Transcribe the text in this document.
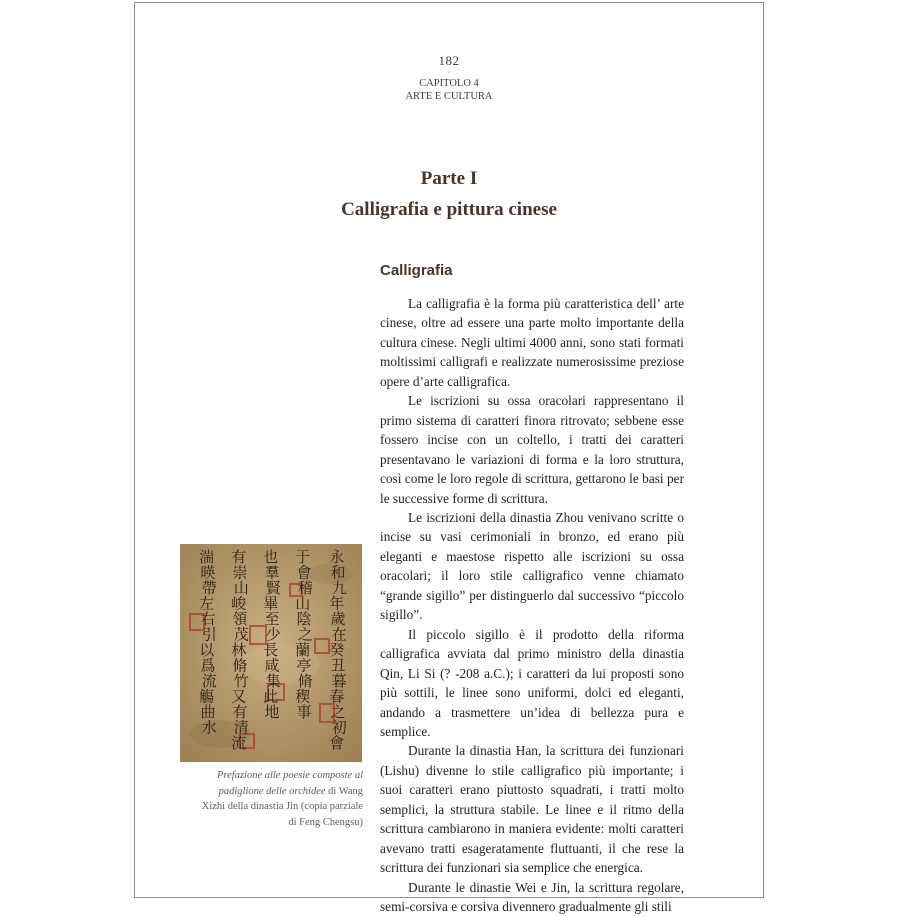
182
·
CAPITOLO 4
ARTE E CULTURA
Parte I
Calligrafia e pittura cinese
Calligrafia

La calligrafia è la forma più caratteristica dell’ arte cinese, oltre ad essere una parte molto importante della cultura cinese. Negli ultimi 4000 anni, sono stati formati moltissimi calligrafi e realizzate numerosissime preziose opere d’arte calligrafica.

Le iscrizioni su ossa oracolari rappresentano il primo sistema di caratteri finora ritrovato; sebbene esse fossero incise con un coltello, i tratti dei caratteri presentavano le variazioni di forma e la loro struttura, così come le loro regole di scrittura, gettarono le basi per le successive forme di scrittura.

Le iscrizioni della dinastia Zhou venivano scritte o incise su vasi cerimoniali in bronzo, ed erano più eleganti e maestose rispetto alle iscrizioni su ossa oracolari; il loro stile calligrafico venne chiamato “grande sigillo” per distinguerlo dal successivo “piccolo sigillo”.

Il piccolo sigillo è il prodotto della riforma calligrafica avviata dal primo ministro della dinastia Qin, Li Si (? -208 a.C.); i caratteri da lui proposti sono più sottili, le linee sono uniformi, dolci ed eleganti, andando a trasmettere un’idea di bellezza pura e semplice.

Durante la dinastia Han, la scrittura dei funzionari (Lishu) divenne lo stile calligrafico più importante; i suoi caratteri erano piuttosto squadrati, i tratti molto semplici, la struttura stabile. Le linee e il ritmo della scrittura cambiarono in maniera evidente: molti caratteri avevano tratti esageratamente fluttuanti, il che rese la scrittura dei funzionari sia semplice che energica.

Durante le dinastie Wei e Jin, la scrittura regolare, semi-corsiva e corsiva divennero gradualmente gli stili

永
和
九
年
歲
在
癸
丑
暮
春
之
初
會
于
會
稽
山
陰
之
蘭
亭
脩
稧
事
也
羣
賢
畢
至
少
長
咸
集
此
地
有
崇
山
峻
領
茂
林
脩
竹
又
有
清
流
湍
暎
帶
左
右
引
以
爲
流
觴
曲
水
Prefazione alle poesie composte al padiglione delle orchidee di Wang Xizhi della dinastia Jin (copia parziale di Feng Chengsu)
